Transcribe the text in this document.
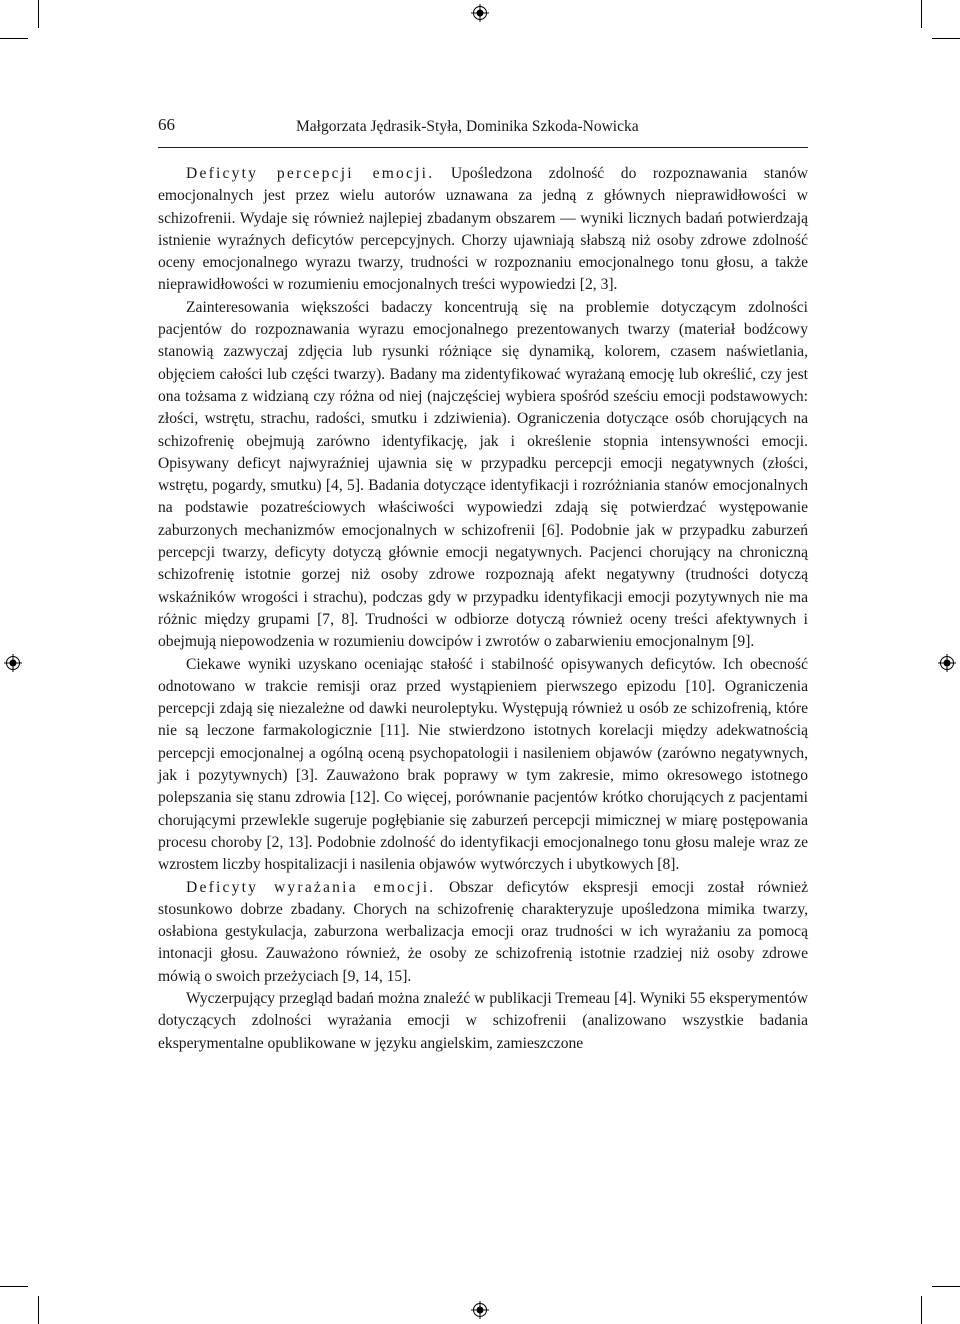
66	Małgorzata Jędrasik-Styła, Dominika Szkoda-Nowicka

Deficyty percepcji emocji. Upośledzona zdolność do rozpoznawania stanów emocjonalnych jest przez wielu autorów uznawana za jedną z głównych nieprawidłowości w schizofrenii. Wydaje się również najlepiej zbadanym obszarem — wyniki licznych badań potwierdzają istnienie wyraźnych deficytów percepcyjnych. Chorzy ujawniają słabszą niż osoby zdrowe zdolność oceny emocjonalnego wyrazu twarzy, trudności w rozpoznaniu emocjonalnego tonu głosu, a także nieprawidłowości w rozumieniu emocjonalnych treści wypowiedzi [2, 3].

Zainteresowania większości badaczy koncentrują się na problemie dotyczącym zdolności pacjentów do rozpoznawania wyrazu emocjonalnego prezentowanych twarzy (materiał bodźcowy stanowią zazwyczaj zdjęcia lub rysunki różniące się dynamiką, kolorem, czasem naświetlania, objęciem całości lub części twarzy). Badany ma zidentyfikować wyrażaną emocję lub określić, czy jest ona tożsama z widzianą czy różna od niej (najczęściej wybiera spośród sześciu emocji podstawowych: złości, wstrętu, strachu, radości, smutku i zdziwienia). Ograniczenia dotyczące osób chorujących na schizofrenię obejmują zarówno identyfikację, jak i określenie stopnia intensywności emocji. Opisywany deficyt najwyraźniej ujawnia się w przypadku percepcji emocji negatywnych (złości, wstrętu, pogardy, smutku) [4, 5]. Badania dotyczące identyfikacji i rozróżniania stanów emocjonalnych na podstawie pozatreściowych właściwości wypowiedzi zdają się potwierdzać występowanie zaburzonych mechanizmów emocjonalnych w schizofrenii [6]. Podobnie jak w przypadku zaburzeń percepcji twarzy, deficyty dotyczą głównie emocji negatywnych. Pacjenci chorujący na chroniczną schizofrenię istotnie gorzej niż osoby zdrowe rozpoznają afekt negatywny (trudności dotyczą wskaźników wrogości i strachu), podczas gdy w przypadku identyfikacji emocji pozytywnych nie ma różnic między grupami [7, 8]. Trudności w odbiorze dotyczą również oceny treści afektywnych i obejmują niepowodzenia w rozumieniu dowcipów i zwrotów o zabarwieniu emocjonalnym [9].

Ciekawe wyniki uzyskano oceniając stałość i stabilność opisywanych deficytów. Ich obecność odnotowano w trakcie remisji oraz przed wystąpieniem pierwszego epizodu [10]. Ograniczenia percepcji zdają się niezależne od dawki neuroleptyku. Występują również u osób ze schizofrenią, które nie są leczone farmakologicznie [11]. Nie stwierdzono istotnych korelacji między adekwatnością percepcji emocjonalnej a ogólną oceną psychopatologii i nasileniem objawów (zarówno negatywnych, jak i pozytywnych) [3]. Zauważono brak poprawy w tym zakresie, mimo okresowego istotnego polepszania się stanu zdrowia [12]. Co więcej, porównanie pacjentów krótko chorujących z pacjentami chorującymi przewlekle sugeruje pogłębianie się zaburzeń percepcji mimicznej w miarę postępowania procesu choroby [2, 13]. Podobnie zdolność do identyfikacji emocjonalnego tonu głosu maleje wraz ze wzrostem liczby hospitalizacji i nasilenia objawów wytwórczych i ubytkowych [8].

Deficyty wyrażania emocji. Obszar deficytów ekspresji emocji został również stosunkowo dobrze zbadany. Chorych na schizofrenię charakteryzuje upośledzona mimika twarzy, osłabiona gestykulacja, zaburzona werbalizacja emocji oraz trudności w ich wyrażaniu za pomocą intonacji głosu. Zauważono również, że osoby ze schizofrenią istotnie rzadziej niż osoby zdrowe mówią o swoich przeżyciach [9, 14, 15].

Wyczerpujący przegląd badań można znaleźć w publikacji Tremeau [4]. Wyniki 55 eksperymentów dotyczących zdolności wyrażania emocji w schizofrenii (analizowano wszystkie badania eksperymentalne opublikowane w języku angielskim, zamieszczone
